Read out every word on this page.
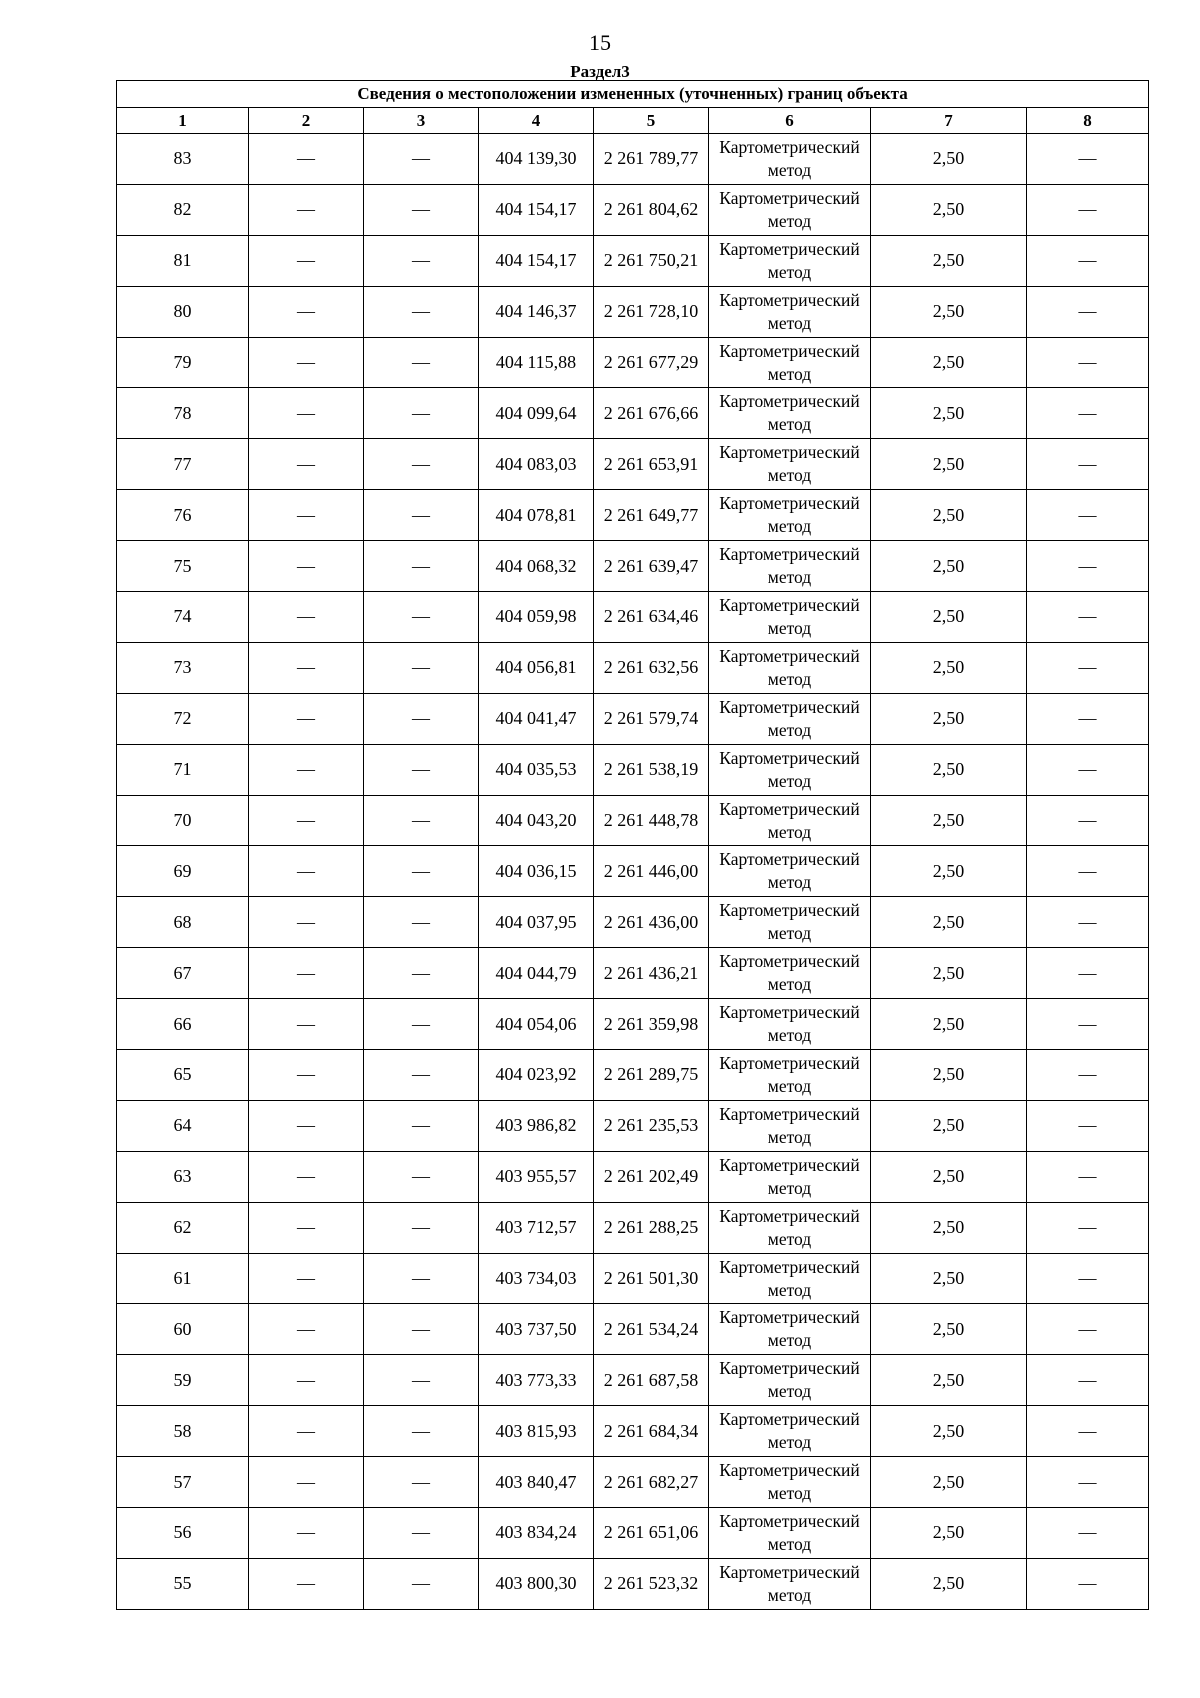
15
Раздел3
Сведения о местоположении измененных (уточненных) границ объекта							
1	2	3	4	5	6	7	8
83	—	—	404 139,30	2 261 789,77	Картометрический метод	2,50	—
82	—	—	404 154,17	2 261 804,62	Картометрический метод	2,50	—
81	—	—	404 154,17	2 261 750,21	Картометрический метод	2,50	—
80	—	—	404 146,37	2 261 728,10	Картометрический метод	2,50	—
79	—	—	404 115,88	2 261 677,29	Картометрический метод	2,50	—
78	—	—	404 099,64	2 261 676,66	Картометрический метод	2,50	—
77	—	—	404 083,03	2 261 653,91	Картометрический метод	2,50	—
76	—	—	404 078,81	2 261 649,77	Картометрический метод	2,50	—
75	—	—	404 068,32	2 261 639,47	Картометрический метод	2,50	—
74	—	—	404 059,98	2 261 634,46	Картометрический метод	2,50	—
73	—	—	404 056,81	2 261 632,56	Картометрический метод	2,50	—
72	—	—	404 041,47	2 261 579,74	Картометрический метод	2,50	—
71	—	—	404 035,53	2 261 538,19	Картометрический метод	2,50	—
70	—	—	404 043,20	2 261 448,78	Картометрический метод	2,50	—
69	—	—	404 036,15	2 261 446,00	Картометрический метод	2,50	—
68	—	—	404 037,95	2 261 436,00	Картометрический метод	2,50	—
67	—	—	404 044,79	2 261 436,21	Картометрический метод	2,50	—
66	—	—	404 054,06	2 261 359,98	Картометрический метод	2,50	—
65	—	—	404 023,92	2 261 289,75	Картометрический метод	2,50	—
64	—	—	403 986,82	2 261 235,53	Картометрический метод	2,50	—
63	—	—	403 955,57	2 261 202,49	Картометрический метод	2,50	—
62	—	—	403 712,57	2 261 288,25	Картометрический метод	2,50	—
61	—	—	403 734,03	2 261 501,30	Картометрический метод	2,50	—
60	—	—	403 737,50	2 261 534,24	Картометрический метод	2,50	—
59	—	—	403 773,33	2 261 687,58	Картометрический метод	2,50	—
58	—	—	403 815,93	2 261 684,34	Картометрический метод	2,50	—
57	—	—	403 840,47	2 261 682,27	Картометрический метод	2,50	—
56	—	—	403 834,24	2 261 651,06	Картометрический метод	2,50	—
55	—	—	403 800,30	2 261 523,32	Картометрический метод	2,50	—
